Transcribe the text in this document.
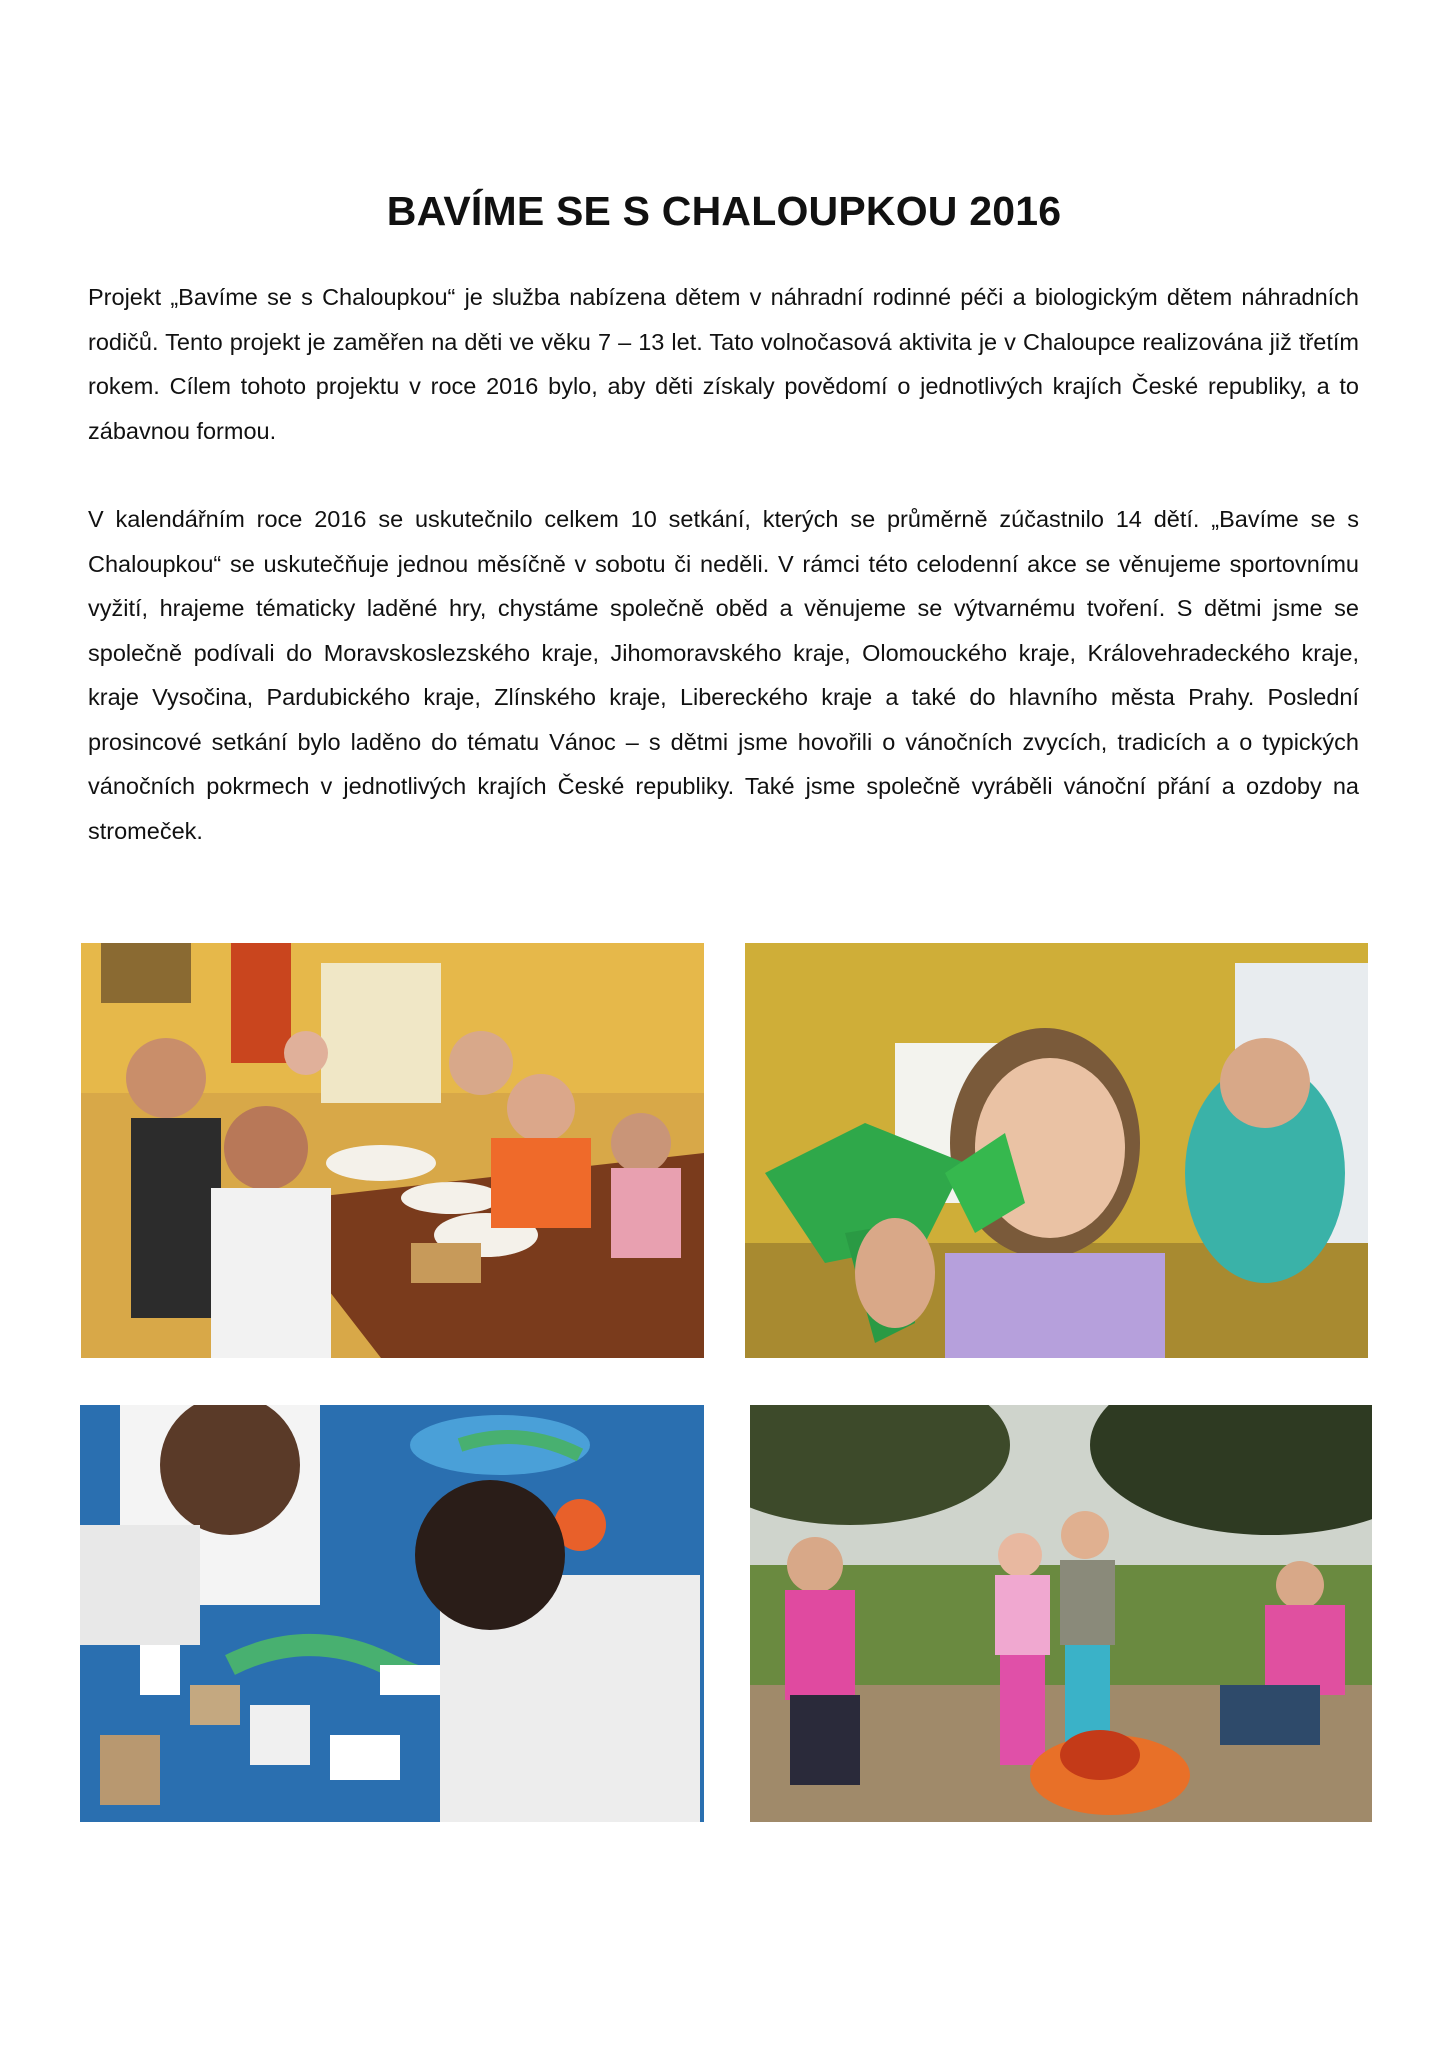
BAVÍME SE S CHALOUPKOU 2016

Projekt „Bavíme se s Chaloupkou“ je služba nabízena dětem v náhradní rodinné péči a biologickým dětem náhradních rodičů. Tento projekt je zaměřen na děti ve věku 7 – 13 let. Tato volnočasová aktivita je v Chaloupce realizována již třetím rokem. Cílem tohoto projektu v roce 2016 bylo, aby děti získaly povědomí o jednotlivých krajích České republiky, a to zábavnou formou.

V kalendářním roce 2016 se uskutečnilo celkem 10 setkání, kterých se průměrně zúčastnilo 14 dětí. „Bavíme se s Chaloupkou“ se uskutečňuje jednou měsíčně v sobotu či neděli. V rámci této celodenní akce se věnujeme sportovnímu vyžití, hrajeme tématicky laděné hry, chystáme společně oběd a věnujeme se výtvarnému tvoření. S dětmi jsme se společně podívali do Moravskoslezského kraje, Jihomoravského kraje, Olomouckého kraje, Královehradeckého kraje, kraje Vysočina, Pardubického kraje, Zlínského kraje, Libereckého kraje a také do hlavního města Prahy. Poslední prosincové setkání bylo laděno do tématu Vánoc – s dětmi jsme hovořili o vánočních zvycích, tradicích a o typických vánočních pokrmech v jednotlivých krajích České republiky. Také jsme společně vyráběli vánoční přání a ozdoby na stromeček.
